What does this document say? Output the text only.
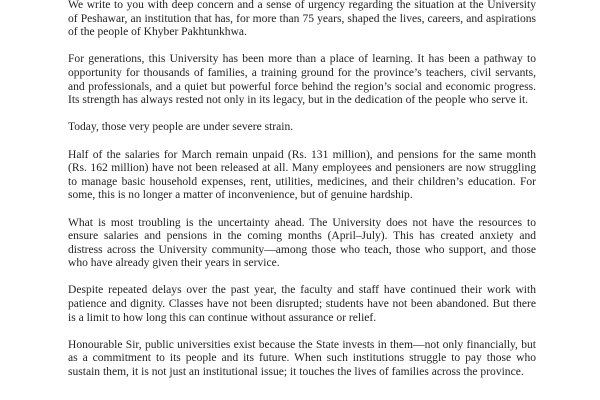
We write to you with deep concern and a sense of urgency regarding the situation at the University of Peshawar, an institution that has, for more than 75 years, shaped the lives, careers, and aspirations of the people of Khyber Pakhtunkhwa.

For generations, this University has been more than a place of learning. It has been a pathway to opportunity for thousands of families, a training ground for the province’s teachers, civil servants, and professionals, and a quiet but powerful force behind the region’s social and economic progress. Its strength has always rested not only in its legacy, but in the dedication of the people who serve it.

Today, those very people are under severe strain.

Half of the salaries for March remain unpaid (Rs. 131 million), and pensions for the same month (Rs. 162 million) have not been released at all. Many employees and pensioners are now struggling to manage basic household expenses, rent, utilities, medicines, and their children’s education. For some, this is no longer a matter of inconvenience, but of genuine hardship.

What is most troubling is the uncertainty ahead. The University does not have the resources to ensure salaries and pensions in the coming months (April–July). This has created anxiety and distress across the University community—among those who teach, those who support, and those who have already given their years in service.

Despite repeated delays over the past year, the faculty and staff have continued their work with patience and dignity. Classes have not been disrupted; students have not been abandoned. But there is a limit to how long this can continue without assurance or relief.

Honourable Sir, public universities exist because the State invests in them—not only financially, but as a commitment to its people and its future. When such institutions struggle to pay those who sustain them, it is not just an institutional issue; it touches the lives of families across the province.
